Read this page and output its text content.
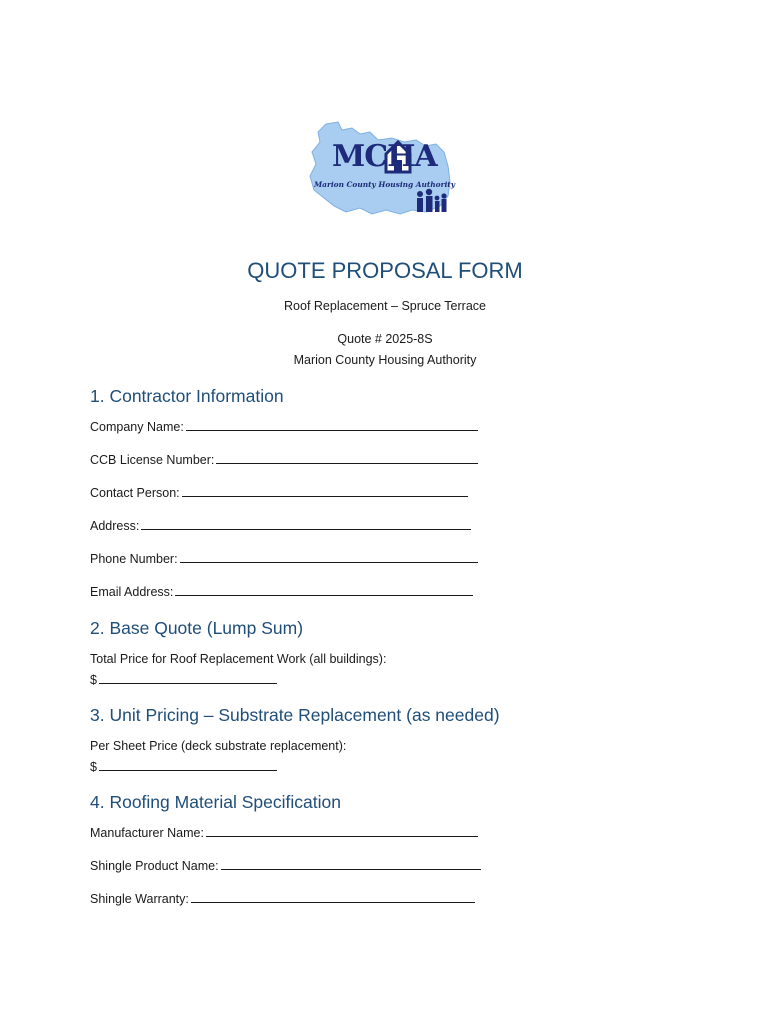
MCHA
Marion County Housing Authority
QUOTE PROPOSAL FORM
Roof Replacement – Spruce Terrace
Quote # 2025-8S
Marion County Housing Authority
1. Contractor Information
Company Name:
CCB License Number:
Contact Person:
Address:
Phone Number:
Email Address:
2. Base Quote (Lump Sum)
Total Price for Roof Replacement Work (all buildings):
$
3. Unit Pricing – Substrate Replacement (as needed)
Per Sheet Price (deck substrate replacement):
$
4. Roofing Material Specification
Manufacturer Name:
Shingle Product Name:
Shingle Warranty:
